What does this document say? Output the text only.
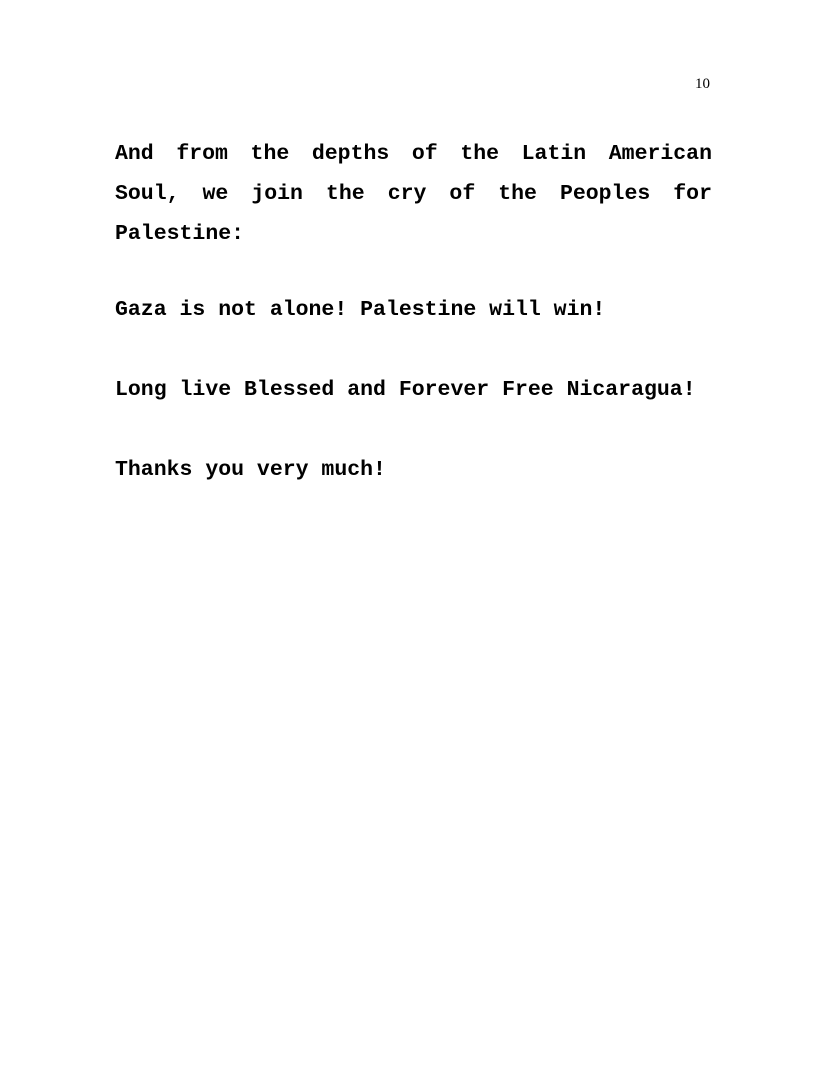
10

And from the depths of the Latin American Soul, we join the cry of the Peoples for Palestine:

Gaza is not alone! Palestine will win!

Long live Blessed and Forever Free Nicaragua!

Thanks you very much!
